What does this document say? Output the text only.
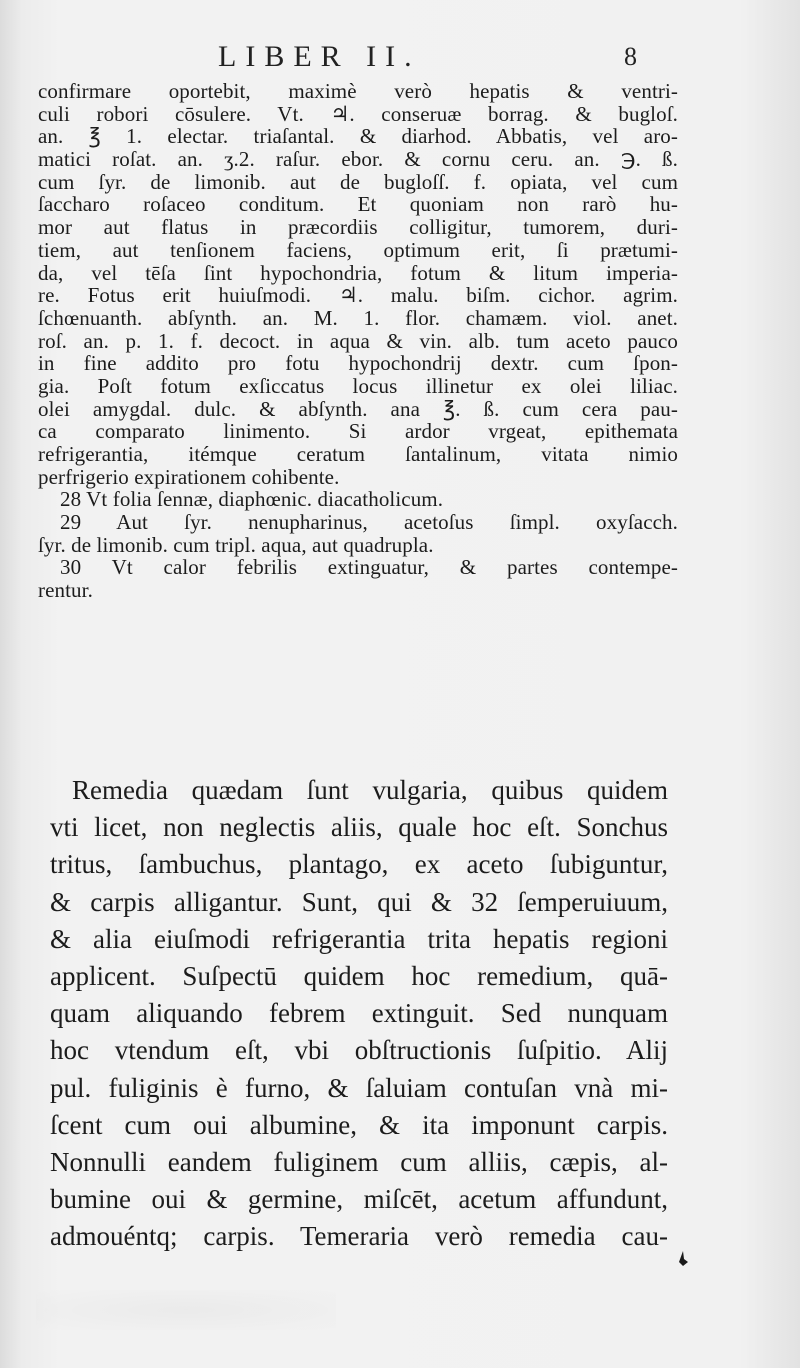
LIBER II.	8
confirmare oportebit, maximè verò hepatis & ventri-
culi robori cōsulere. Vt. ♃. conseruæ borrag. & bugloſ.
an. ℥ 1. electar. triaſantal. & diarhod. Abbatis, vel aro-
matici roſat. an. ʒ.2. raſur. ebor. & cornu ceru. an. ℈. ß.
cum ſyr. de limonib. aut de bugloſſ. f. opiata, vel cum
ſaccharo roſaceo conditum. Et quoniam non rarò hu-
mor aut flatus in præcordiis colligitur, tumorem, duri-
tiem, aut tenſionem faciens, optimum erit, ſi prætumi-
da, vel tēſa ſint hypochondria, fotum & litum imperia-
re. Fotus erit huiuſmodi. ♃. malu. biſm. cichor. agrim.
ſchœnuanth. abſynth. an. M. 1. flor. chamæm. viol. anet.
roſ. an. p. 1. f. decoct. in aqua & vin. alb. tum aceto pauco
in fine addito pro fotu hypochondrij dextr. cum ſpon-
gia. Poſt fotum exſiccatus locus illinetur ex olei liliac.
olei amygdal. dulc. & abſynth. ana ℥. ß. cum cera pau-
ca comparato linimento. Si ardor vrgeat, epithemata
refrigerantia, itémque ceratum ſantalinum, vitata nimio
perfrigerio expirationem cohibente.
28 Vt folia ſennæ, diaphœnic. diacatholicum.
29 Aut ſyr. nenupharinus, acetoſus ſimpl. oxyſacch.
ſyr. de limonib. cum tripl. aqua, aut quadrupla.
30 Vt calor febrilis extinguatur, & partes contempe-
rentur.
Remedia quædam ſunt vulgaria, quibus quidem
vti licet, non neglectis aliis, quale hoc eſt. Sonchus
tritus, ſambuchus, plantago, ex aceto ſubiguntur,
& carpis alligantur. Sunt, qui & 32 ſemperuiuum,
& alia eiuſmodi refrigerantia trita hepatis regioni
applicent. Suſpectū quidem hoc remedium, quā-
quam aliquando febrem extinguit. Sed nunquam
hoc vtendum eſt, vbi obſtructionis ſuſpitio. Alij
pul. fuliginis è furno, & ſaluiam contuſan vnà mi-
ſcent cum oui albumine, & ita imponunt carpis.
Nonnulli eandem fuliginem cum alliis, cæpis, al-
bumine oui & germine, miſcēt, acetum affundunt,
admouéntq; carpis. Temeraria verò remedia cau-
